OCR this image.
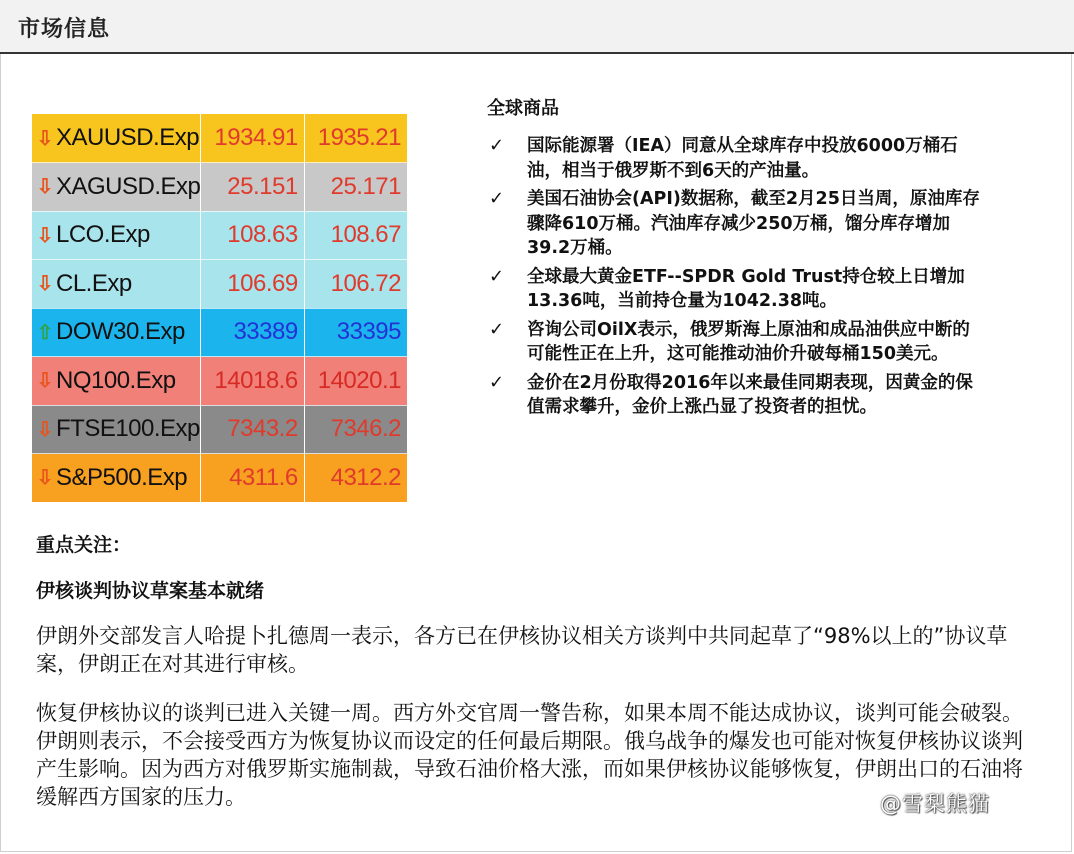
市场信息
⇩ XAUUSD.Exp	1934.91	1935.21
⇩ XAGUSD.Exp	25.151	25.171
⇩ LCO.Exp	108.63	108.67
⇩ CL.Exp	106.69	106.72
⇧ DOW30.Exp	33389	33395
⇩ NQ100.Exp	14018.6	14020.1
⇩ FTSE100.Exp	7343.2	7346.2
⇩ S&P500.Exp	4311.6	4312.2
全球商品
✓ 国际能源署（IEA）同意从全球库存中投放6000万桶石油，相当于俄罗斯不到6天的产油量。
✓ 美国石油协会(API)数据称，截至2月25日当周，原油库存骤降610万桶。汽油库存减少250万桶，馏分库存增加39.2万桶。
✓ 全球最大黄金ETF--SPDR Gold Trust持仓较上日增加13.36吨，当前持仓量为1042.38吨。
✓ 咨询公司OilX表示，俄罗斯海上原油和成品油供应中断的可能性正在上升，这可能推动油价升破每桶150美元。
✓ 金价在2月份取得2016年以来最佳同期表现，因黄金的保值需求攀升，金价上涨凸显了投资者的担忧。
重点关注：
伊核谈判协议草案基本就绪

伊朗外交部发言人哈提卜扎德周一表示，各方已在伊核协议相关方谈判中共同起草了“98%以上的”协议草案，伊朗正在对其进行审核。

恢复伊核协议的谈判已进入关键一周。西方外交官周一警告称，如果本周不能达成协议，谈判可能会破裂。伊朗则表示，不会接受西方为恢复协议而设定的任何最后期限。俄乌战争的爆发也可能对恢复伊核协议谈判产生影响。因为西方对俄罗斯实施制裁，导致石油价格大涨，而如果伊核协议能够恢复，伊朗出口的石油将缓解西方国家的压力。	@雪梨熊猫
